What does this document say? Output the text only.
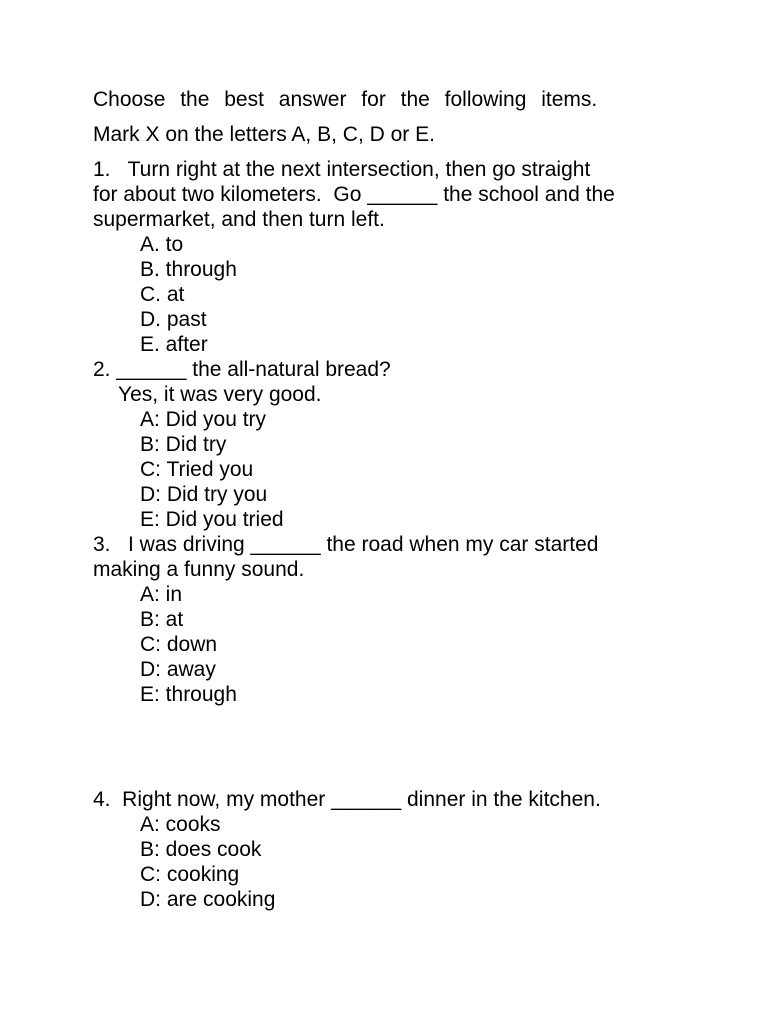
Choose the best answer for the following items.
Mark X on the letters A, B, C, D or E.
1.   Turn right at the next intersection, then go straight
for about two kilometers.  Go ______ the school and the
supermarket, and then turn left.
A. to
B. through
C. at
D. past
E. after
2. ______ the all-natural bread?
Yes, it was very good.
A: Did you try
B: Did try
C: Tried you
D: Did try you
E: Did you tried
3.   I was driving ______ the road when my car started
making a funny sound.
A: in
B: at
C: down
D: away
E: through
4.  Right now, my mother ______ dinner in the kitchen.
A: cooks
B: does cook
C: cooking
D: are cooking
